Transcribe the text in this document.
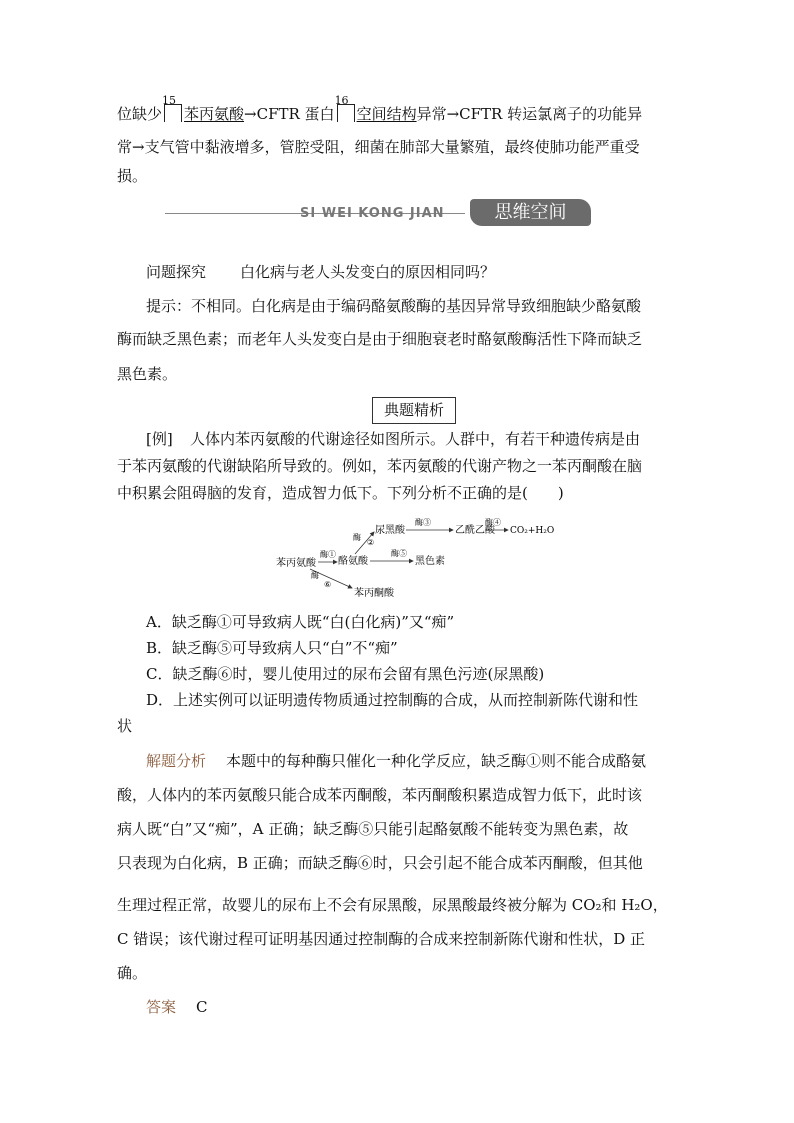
位缺少
15
苯丙氨酸→CFTR 蛋白
16
空间结构异常→CFTR 转运氯离子的功能异
常→支气管中黏液增多，管腔受阻，细菌在肺部大量繁殖，最终使肺功能严重受
损。
SI WEI KONG JIAN	思维空间
问题探究 白化病与老人头发变白的原因相同吗？
提示：不相同。白化病是由于编码酪氨酸酶的基因异常导致细胞缺少酪氨酸
酶而缺乏黑色素；而老年人头发变白是由于细胞衰老时酪氨酸酶活性下降而缺乏
黑色素。
典题精析
[例] 人体内苯丙氨酸的代谢途径如图所示。人群中，有若干种遗传病是由
于苯丙氨酸的代谢缺陷所导致的。例如，苯丙氨酸的代谢产物之一苯丙酮酸在脑
中积累会阻碍脑的发育，造成智力低下。下列分析不正确的是(　　)
苯丙氨酸 酪氨酸
尿黑酸	乙酰乙酸 CO₂+H₂O
黑色素
苯丙酮酸
酶①
酶
②
酶③	酶④
酶⑤
酶
⑥
A．缺乏酶①可导致病人既“白(白化病)”又“痴”
B．缺乏酶⑤可导致病人只“白”不“痴”
C．缺乏酶⑥时，婴儿使用过的尿布会留有黑色污迹(尿黑酸)
D．上述实例可以证明遗传物质通过控制酶的合成，从而控制新陈代谢和性
状
解题分析 本题中的每种酶只催化一种化学反应，缺乏酶①则不能合成酪氨
酸，人体内的苯丙氨酸只能合成苯丙酮酸，苯丙酮酸积累造成智力低下，此时该
病人既“白”又“痴”，A 正确；缺乏酶⑤只能引起酪氨酸不能转变为黑色素，故
只表现为白化病，B 正确；而缺乏酶⑥时，只会引起不能合成苯丙酮酸，但其他
生理过程正常，故婴儿的尿布上不会有尿黑酸，尿黑酸最终被分解为 CO₂和 H₂O，
C 错误；该代谢过程可证明基因通过控制酶的合成来控制新陈代谢和性状，D 正
确。
答案 C
